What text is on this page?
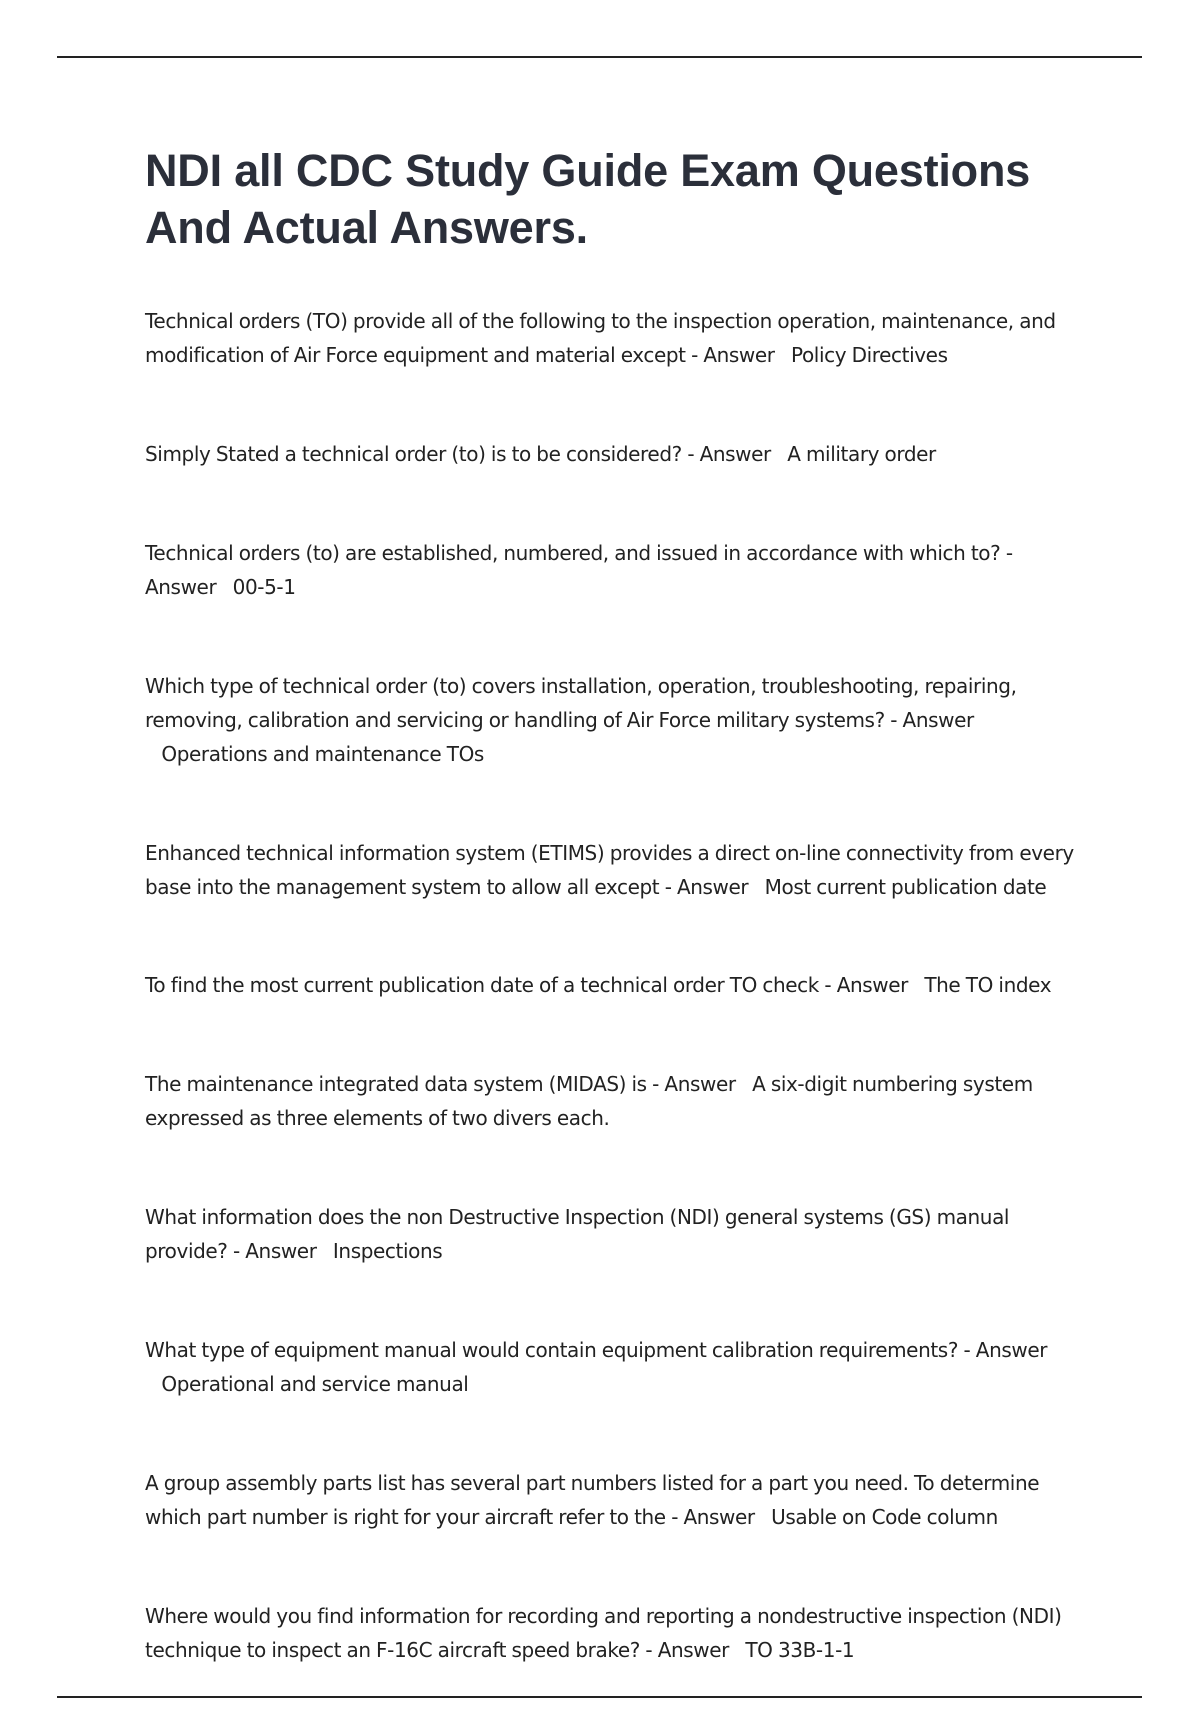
NDI all CDC Study Guide Exam Questions And Actual Answers.

Technical orders (TO) provide all of the following to the inspection operation, maintenance, and modification of Air Force equipment and material except - Answer Policy Directives

Simply Stated a technical order (to) is to be considered? - Answer A military order

Technical orders (to) are established, numbered, and issued in accordance with which to? - Answer 00-5-1

Which type of technical order (to) covers installation, operation, troubleshooting, repairing, removing, calibration and servicing or handling of Air Force military systems? - Answer   Operations and maintenance TOs

Enhanced technical information system (ETIMS) provides a direct on-line connectivity from every base into the management system to allow all except - Answer Most current publication date

To find the most current publication date of a technical order TO check - Answer The TO index

The maintenance integrated data system (MIDAS) is - Answer A six-digit numbering system expressed as three elements of two divers each.

What information does the non Destructive Inspection (NDI) general systems (GS) manual provide? - Answer Inspections

What type of equipment manual would contain equipment calibration requirements? - Answer   Operational and service manual

A group assembly parts list has several part numbers listed for a part you need. To determine which part number is right for your aircraft refer to the - Answer Usable on Code column

Where would you find information for recording and reporting a nondestructive inspection (NDI) technique to inspect an F-16C aircraft speed brake? - Answer TO 33B-1-1
